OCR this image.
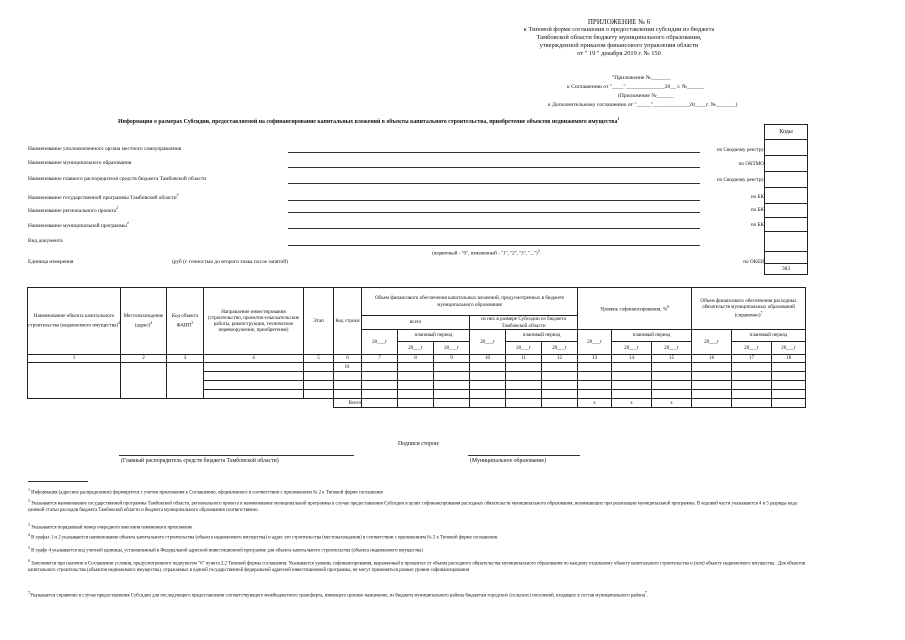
ПРИЛОЖЕНИЕ № 6
к Типовой форме соглашения о предоставлении субсидии из бюджета
Тамбовской области бюджету муниципального образования,
утвержденной приказом финансового управления области
от " 19 " декабря 2019 г. № 150
"Приложение №_______
к Соглашению от "____"______________20__ г. №______
(Приложение №______
к Дополнительному соглашению от "_____"_____________20____г. №_______)
Информация о размерах Субсидии, предоставляемой на софинансирование капитальных вложений в объекты капитального строительства, приобретение объектов недвижимого имущества$^1$
Коды
383
Наименование уполномоченного органа местного самоуправления	по Сводному реестру
Наименование муниципального образования	по ОКТМО
Наименование главного распорядителя средств бюджета Тамбовской области	по Сводному реестру
Наименование государственной программы Тамбовской области$^2$	по БК
Наименование регионального проекта$^2$	по БК
Наименование муниципальной программы$^2$	по БК
Вид документа
(первичный - "0", измененный - "1", "2", "3", "...")$^3$
Единица измерения	(руб (с точностью до второго знака после запятой)	по ОКЕИ
Наименование объекта капитального строительства (недвижимого имущества)$^4$	Местонахождение (адрес)$^4$	Код объекта ФАИП$^5$	Направление инвестирования (строительство, проектно-изыскательские работы, реконструкция, техническое перевооружение, приобретение)	Этап	Код строки	Объем финансового обеспечения капитальных вложений, предусмотренных в бюджете муниципального образования						Уровень софинансирования, %$^6$			Объем финансового обеспечения расходных обязательств муниципальных образований (справочно)$^7$
						всего			из них в размере Субсидии из бюджета Тамбовской области								
						20___г	плановый период		20___г	плановый период		20___г	плановый период		20___г	плановый период	
							20___г	20___г		20___г	20___г		20___г	20___г		20___г	20___г
1	2	3	4	5	6	7	8	9	10	11	12	13	14	15	16	17	18
					01												

					Всего							x	x	x			
Подписи сторон:
(Главный распорядитель средств бюджета Тамбовской области)	(Муниципальное образование)
$^1$ Информация (адресное распределение) формируется с учетом приложения к Соглашению, оформленного в соответствии с приложением № 2 к Типовой форме соглашения
$^2$ Указывается наименование государственной программы Тамбовской области, регионального проекта и наименование муниципальной программы в случае предоставления Субсидии в целях софинансирования расходных обязательств муниципального образования, возникающих при реализации муниципальной программы. В кодовой части указываются 4 и 5 разряды кода целевой статьи расходов бюджета Тамбовской области и бюджета муниципального образования соответственно.
$^3$ Указывается порядковый номер очередного внесения изменения в приложение
$^4$ В графах 1 и 2 указываются наименование объекта капитального строительства (объекта недвижимого имущества) и адрес его строительства (местонахождения) в соответствии с приложением № 2 к Типовой форме соглашения.
$^5$ В графе 4 указывается код учетной единицы, установленный в Федеральной адресной инвестиционной программе для объекта капитального строительства (объекта недвижимого имущества)
$^6$ Заполняется при наличии в Соглашении условия, предусмотренного подпунктом "6" пункта 2.2 Типовой формы соглашения. Указывается уровень софинансирования, выраженный в процентах от объема расходного обязательства муниципального образования по каждому отдельному объекту капитального строительства и (или) объекту недвижимого имущества . Для объектов капитального строительства (объектов недвижимого имущества), отражаемых в единой государственной федеральной адресной инвестиционной программы, не могут применяться разные уровни софинансирования
$^7$Указывается справочно в случае предоставления Субсидии для последующего предоставления соответствующего межбюджетного трансферта, имеющего целевое назначение, из бюджета муниципального района бюджетам городских (сельских) поселений, входящих в состав муниципального района$^7$.
